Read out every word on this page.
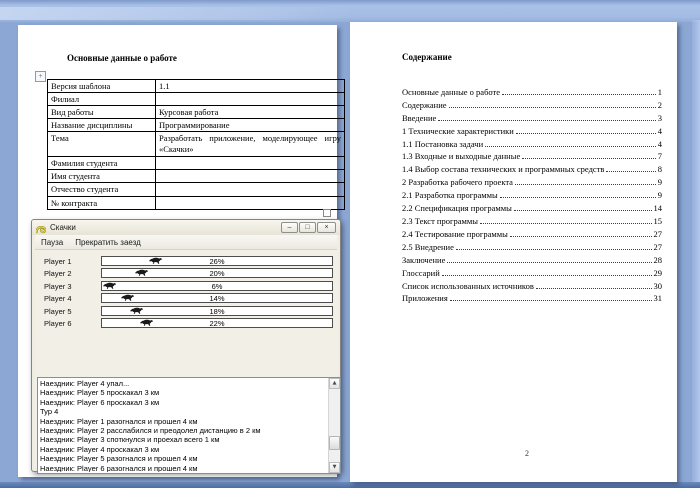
Основные данные о работе
+
Версия шаблона	1.1
Филиал	
Вид работы	Курсовая работа
Название дисциплины	Программирование
Тема	Разработать приложение, моделирующее игру «Скачки»
Фамилия студента	
Имя студента	
Отчество студента	
№ контракта	
Содержание
Основные данные о работе	1
Содержание	2
Введение	3
1 Технические характеристики	4
1.1 Постановка задачи	4
1.3 Входные и выходные данные	7
1.4 Выбор состава технических и программных средств	8
2 Разработка рабочего проекта	9
2.1 Разработка программы	9
2.2 Спецификация программы	14
2.3 Текст программы	15
2.4 Тестирование программы	27
2.5 Внедрение	27
Заключение	28
Глоссарий	29
Список использованных источников	30
Приложения	31
2
Скачки	–	□	×
Пауза	Прекратить заезд
Player 1	26%
Player 2	20%
Player 3	6%
Player 4	14%
Player 5	18%
Player 6	22%
Наездник: Player 4 упал...
Наездник: Player 5 проскакал 3 км
Наездник: Player 6 проскакал 3 км
Тур 4
Наездник: Player 1 разогнался и прошел 4 км
Наездник: Player 2 расслабился и преодолел дистанцию в 2 км
Наездник: Player 3 споткнулся и проехал всего 1 км
Наездник: Player 4 проскакал 3 км
Наездник: Player 5 разогнался и прошел 4 км
Наездник: Player 6 разогнался и прошел 4 км
▲
▼
